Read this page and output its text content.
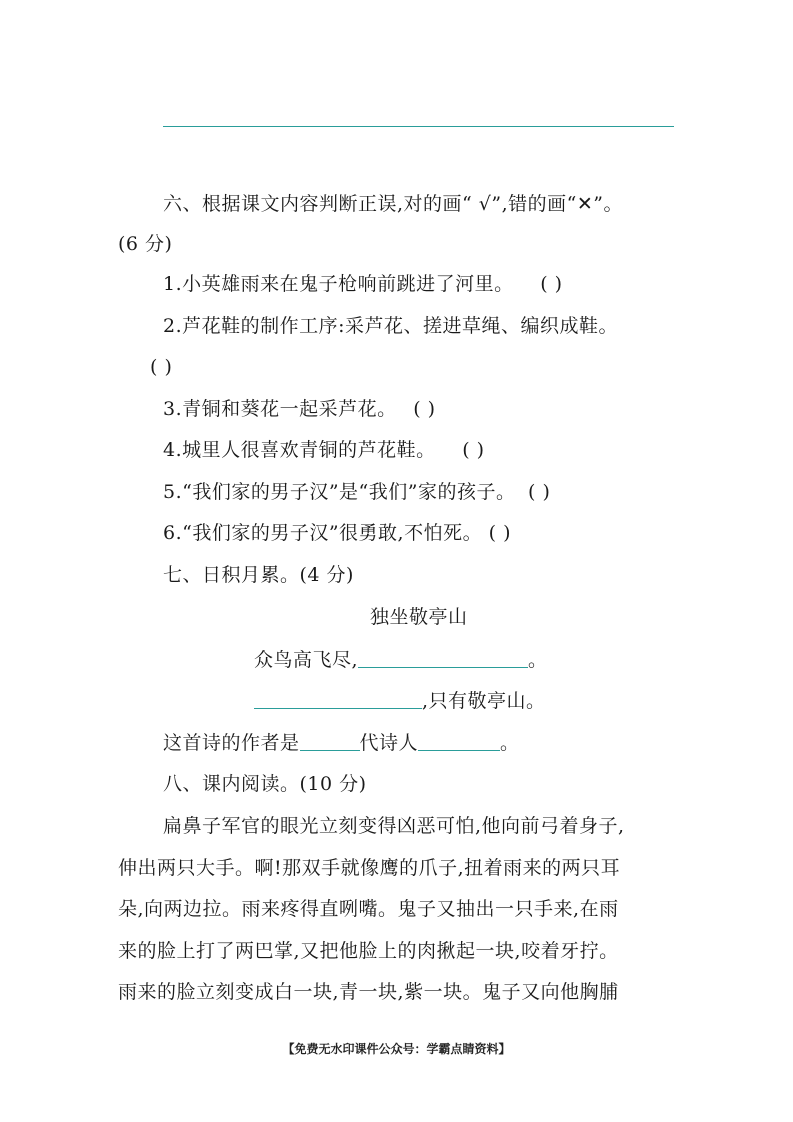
六、根据课文内容判断正误,对的画“ √”,错的画“✕”。
(6 分)
1.小英雄雨来在鬼子枪响前跳进了河里。 ( )
2.芦花鞋的制作工序:采芦花、搓进草绳、编织成鞋。
( )
3.青铜和葵花一起采芦花。 ( )
4.城里人很喜欢青铜的芦花鞋。 ( )
5.“我们家的男子汉”是“我们”家的孩子。 ( )
6.“我们家的男子汉”很勇敢,不怕死。 ( )
七、日积月累。(4 分)
独坐敬亭山
众鸟高飞尽,	。
,只有敬亭山。
这首诗的作者是	代诗人	。
八、课内阅读。(10 分)
扁鼻子军官的眼光立刻变得凶恶可怕,他向前弓着身子,
伸出两只大手。啊!那双手就像鹰的爪子,扭着雨来的两只耳
朵,向两边拉。雨来疼得直咧嘴。鬼子又抽出一只手来,在雨
来的脸上打了两巴掌,又把他脸上的肉揪起一块,咬着牙拧。
雨来的脸立刻变成白一块,青一块,紫一块。鬼子又向他胸脯
【免费无水印课件公众号：学霸点睛资料】
